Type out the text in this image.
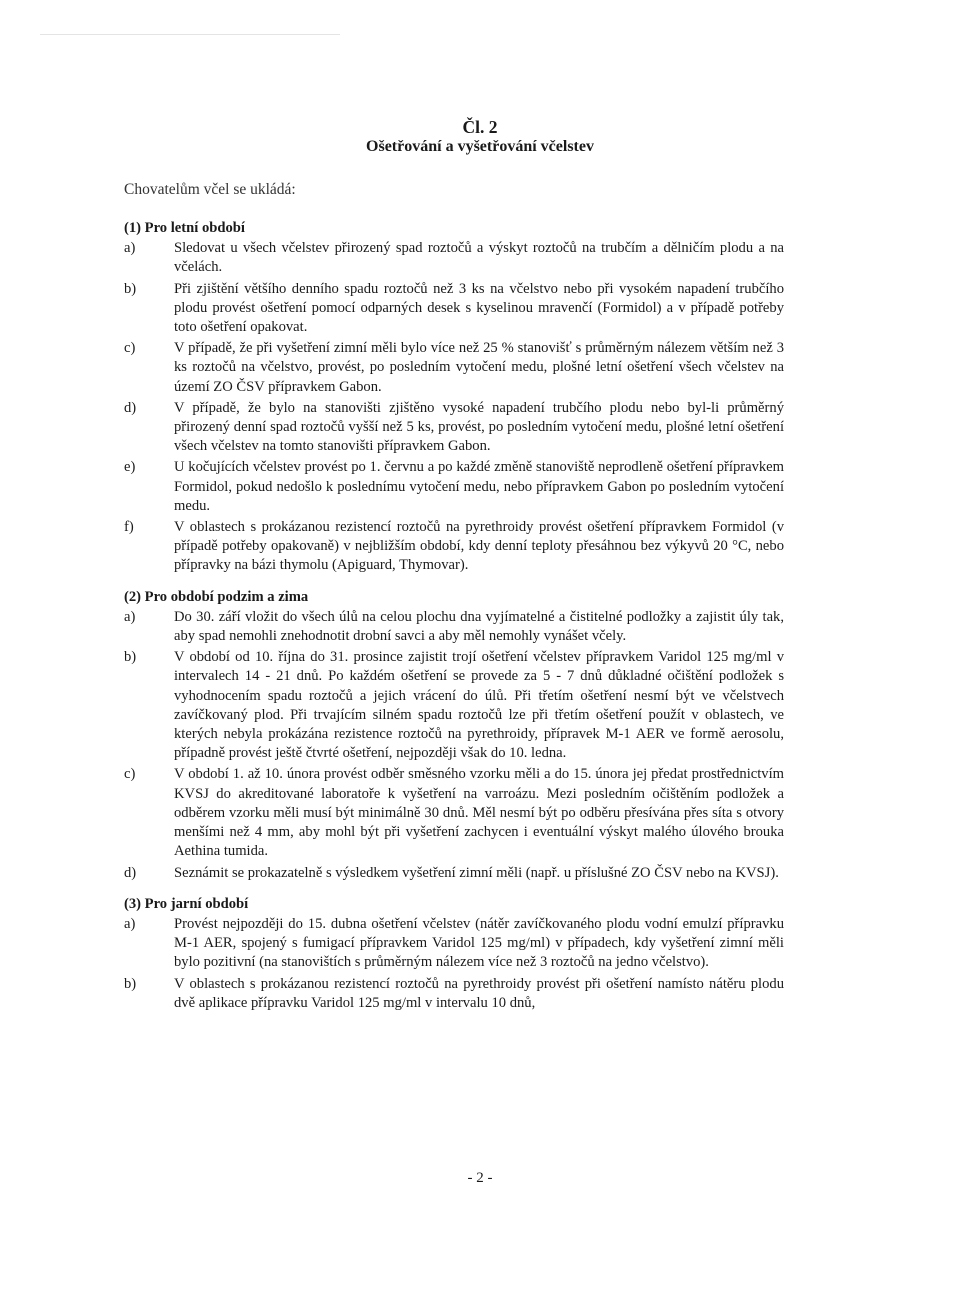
Čl. 2
Ošetřování a vyšetřování včelstev
Chovatelům včel se ukládá:
(1) Pro letní období
a)	Sledovat u všech včelstev přirozený spad roztočů a výskyt roztočů na trubčím a dělničím plodu a na včelách.
b)	Při zjištění většího denního spadu roztočů než 3 ks na včelstvo nebo při vysokém napadení trubčího plodu provést ošetření pomocí odparných desek s kyselinou mravenčí (Formidol) a v případě potřeby toto ošetření opakovat.
c)	V případě, že při vyšetření zimní měli bylo více než 25 % stanovišť s průměrným nálezem větším než 3 ks roztočů na včelstvo, provést, po posledním vytočení medu, plošné letní ošetření všech včelstev na území ZO ČSV přípravkem Gabon.
d)	V případě, že bylo na stanovišti zjištěno vysoké napadení trubčího plodu nebo byl-li průměrný přirozený denní spad roztočů vyšší než 5 ks, provést, po posledním vytočení medu, plošné letní ošetření všech včelstev na tomto stanovišti přípravkem Gabon.
e)	U kočujících včelstev provést po 1. červnu a po každé změně stanoviště neprodleně ošetření přípravkem Formidol, pokud nedošlo k poslednímu vytočení medu, nebo přípravkem Gabon po posledním vytočení medu.
f)	V oblastech s prokázanou rezistencí roztočů na pyrethroidy provést ošetření přípravkem Formidol (v případě potřeby opakovaně) v nejbližším období, kdy denní teploty přesáhnou bez výkyvů 20 °C, nebo přípravky na bázi thymolu (Apiguard, Thymovar).
(2) Pro období podzim a zima
a)	Do 30. září vložit do všech úlů na celou plochu dna vyjímatelné a čistitelné podložky a zajistit úly tak, aby spad nemohli znehodnotit drobní savci a aby měl nemohly vynášet včely.
b)	V období od 10. října do 31. prosince zajistit trojí ošetření včelstev přípravkem Varidol 125 mg/ml v intervalech 14 - 21 dnů. Po každém ošetření se provede za 5 - 7 dnů důkladné očištění podložek s vyhodnocením spadu roztočů a jejich vrácení do úlů. Při třetím ošetření nesmí být ve včelstvech zavíčkovaný plod. Při trvajícím silném spadu roztočů lze při třetím ošetření použít v oblastech, ve kterých nebyla prokázána rezistence roztočů na pyrethroidy, přípravek M-1 AER ve formě aerosolu, případně provést ještě čtvrté ošetření, nejpozději však do 10. ledna.
c)	V období 1. až 10. února provést odběr směsného vzorku měli a do 15. února jej předat prostřednictvím KVSJ do akreditované laboratoře k vyšetření na varroázu. Mezi posledním očištěním podložek a odběrem vzorku měli musí být minimálně 30 dnů. Měl nesmí být po odběru přesívána přes síta s otvory menšími než 4 mm, aby mohl být při vyšetření zachycen i eventuální výskyt malého úlového brouka Aethina tumida.
d)	Seznámit se prokazatelně s výsledkem vyšetření zimní měli (např. u příslušné ZO ČSV nebo na KVSJ).
(3) Pro jarní období
a)	Provést nejpozději do 15. dubna ošetření včelstev (nátěr zavíčkovaného plodu vodní emulzí přípravku M-1 AER, spojený s fumigací přípravkem Varidol 125 mg/ml) v případech, kdy vyšetření zimní měli bylo pozitivní (na stanovištích s průměrným nálezem více než 3 roztočů na jedno včelstvo).
b)	V oblastech s prokázanou rezistencí roztočů na pyrethroidy provést při ošetření namísto nátěru plodu dvě aplikace přípravku Varidol 125 mg/ml v intervalu 10 dnů,
- 2 -
